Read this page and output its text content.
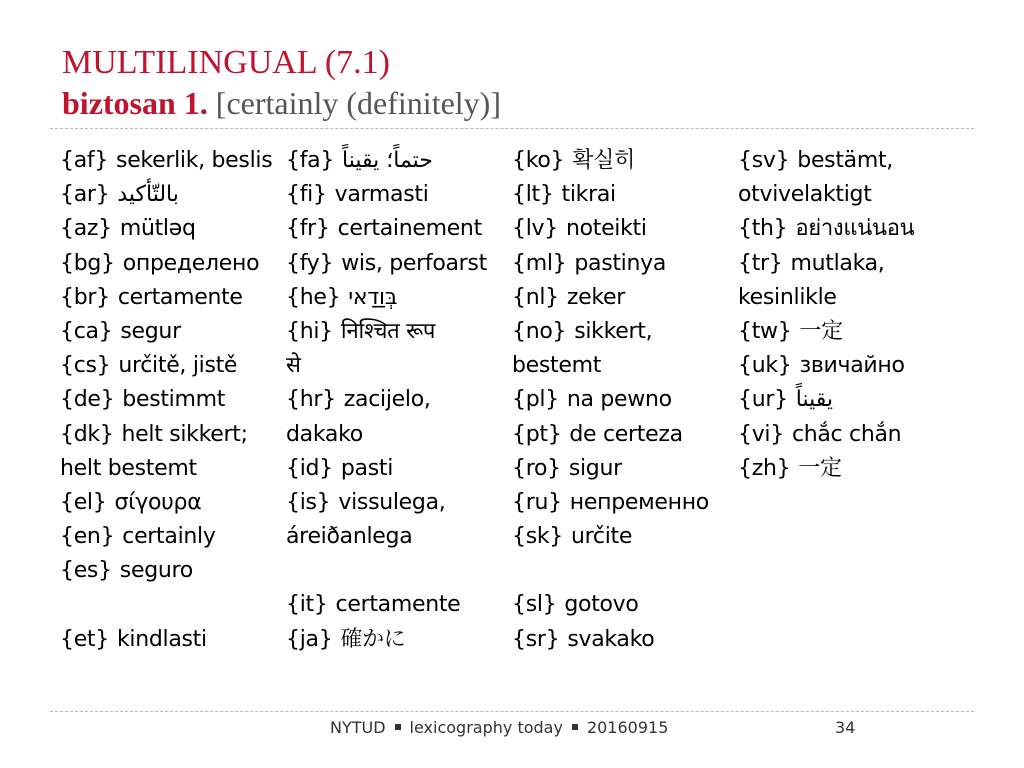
MULTILINGUAL (7.1)
biztosan 1. [certainly (definitely)]
{af} sekerlik, beslis
{ar} بالتّأكيد
{az} mütləq
{bg} определено
{br} certamente
{ca} segur
{cs} určitě, jistě
{de} bestimmt
{dk} helt sikkert;
helt bestemt
{el} σίγουρα
{en} certainly
{es} seguro
{et} kindlasti
{fa} حتماً؛ يقيناً
{fi} varmasti
{fr} certainement
{fy} wis, perfoarst
{he} בְּוַדַאי
{hi} निश्चित रूप
से
{hr} zacijelo,
dakako
{id} pasti
{is} vissulega,
áreiðanlega
{it} certamente
{ja} 確かに
{ko} 확실히
{lt} tikrai
{lv} noteikti
{ml} pastinya
{nl} zeker
{no} sikkert,
bestemt
{pl} na pewno
{pt} de certeza
{ro} sigur
{ru} непременно
{sk} určite
{sl} gotovo
{sr} svakako
{sv} bestämt,
otvivelaktigt
{th} อย่างแน่นอน
{tr} mutlaka,
kesinlikle
{tw} 一定
{uk} звичайно
{ur} يقيناً
{vi} chắc chắn
{zh} 一定
NYTUD lexicography today 20160915	34
